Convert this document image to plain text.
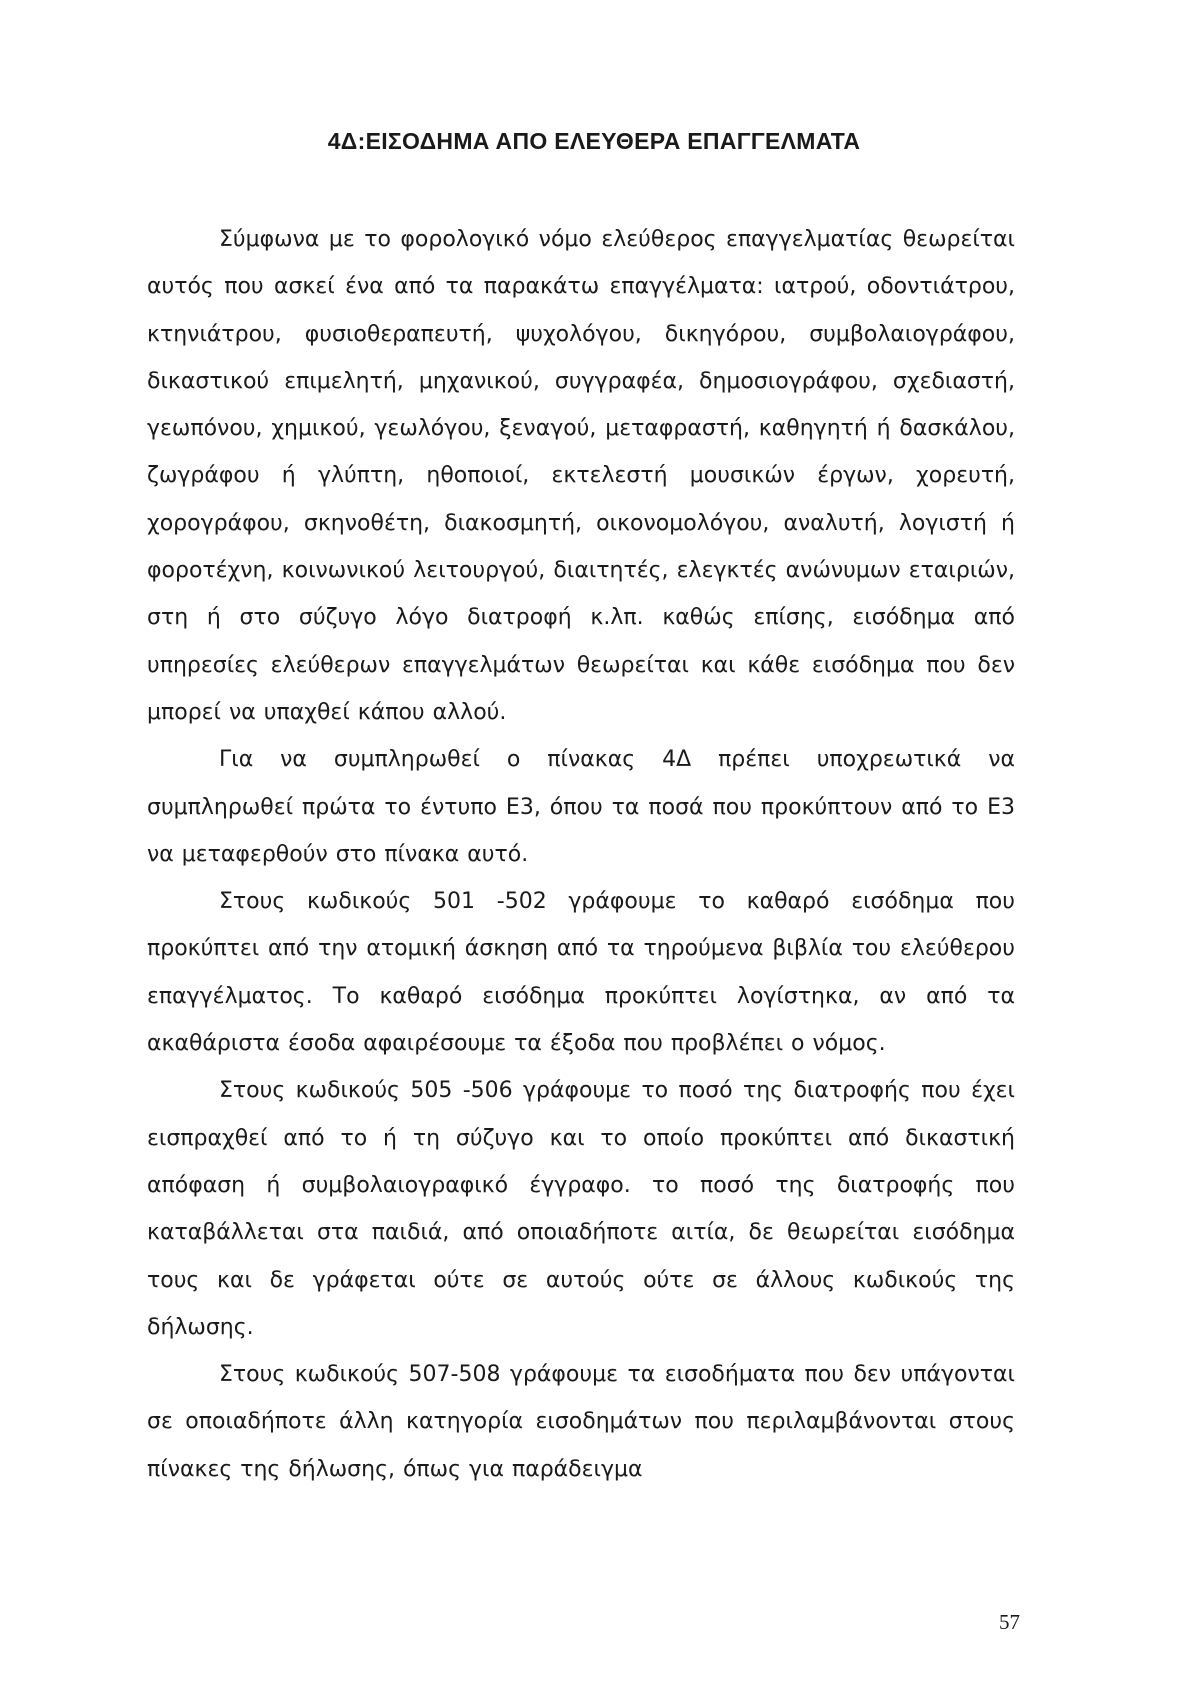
4Δ:ΕΙΣΟΔΗΜΑ ΑΠΟ ΕΛΕΥΘΕΡΑ ΕΠΑΓΓΕΛΜΑΤΑ

Σύμφωνα με το φορολογικό νόμο ελεύθερος επαγγελματίας θεωρείται αυτός που ασκεί ένα από τα παρακάτω επαγγέλματα: ιατρού, οδοντιάτρου, κτηνιάτρου, φυσιοθεραπευτή, ψυχολόγου, δικηγόρου, συμβολαιογράφου, δικαστικού επιμελητή, μηχανικού, συγγραφέα, δημοσιογράφου, σχεδιαστή, γεωπόνου, χημικού, γεωλόγου, ξεναγού, μεταφραστή, καθηγητή ή δασκάλου, ζωγράφου ή γλύπτη, ηθοποιοί, εκτελεστή μουσικών έργων, χορευτή, χορογράφου, σκηνοθέτη, διακοσμητή, οικονομολόγου, αναλυτή, λογιστή ή φοροτέχνη, κοινωνικού λειτουργού, διαιτητές, ελεγκτές ανώνυμων εταιριών, στη ή στο σύζυγο λόγο διατροφή κ.λπ. καθώς επίσης, εισόδημα από υπηρεσίες ελεύθερων επαγγελμάτων θεωρείται και κάθε εισόδημα που δεν μπορεί να υπαχθεί κάπου αλλού.

Για να συμπληρωθεί ο πίνακας 4Δ πρέπει υποχρεωτικά να συμπληρωθεί πρώτα το έντυπο Ε3, όπου τα ποσά που προκύπτουν από το Ε3 να μεταφερθούν στο πίνακα αυτό.

Στους κωδικούς 501 -502 γράφουμε το καθαρό εισόδημα που προκύπτει από την ατομική άσκηση από τα τηρούμενα βιβλία του ελεύθερου επαγγέλματος. Το καθαρό εισόδημα προκύπτει λογίστηκα, αν από τα ακαθάριστα έσοδα αφαιρέσουμε τα έξοδα που προβλέπει ο νόμος.

Στους κωδικούς 505 -506 γράφουμε το ποσό της διατροφής που έχει εισπραχθεί από το ή τη σύζυγο και το οποίο προκύπτει από δικαστική απόφαση ή συμβολαιογραφικό έγγραφο. το ποσό της διατροφής που καταβάλλεται στα παιδιά, από οποιαδήποτε αιτία, δε θεωρείται εισόδημα τους και δε γράφεται ούτε σε αυτούς ούτε σε άλλους κωδικούς της δήλωσης.

Στους κωδικούς 507-508 γράφουμε τα εισοδήματα που δεν υπάγονται σε οποιαδήποτε άλλη κατηγορία εισοδημάτων που περιλαμβάνονται στους πίνακες της δήλωσης, όπως για παράδειγμα

57
